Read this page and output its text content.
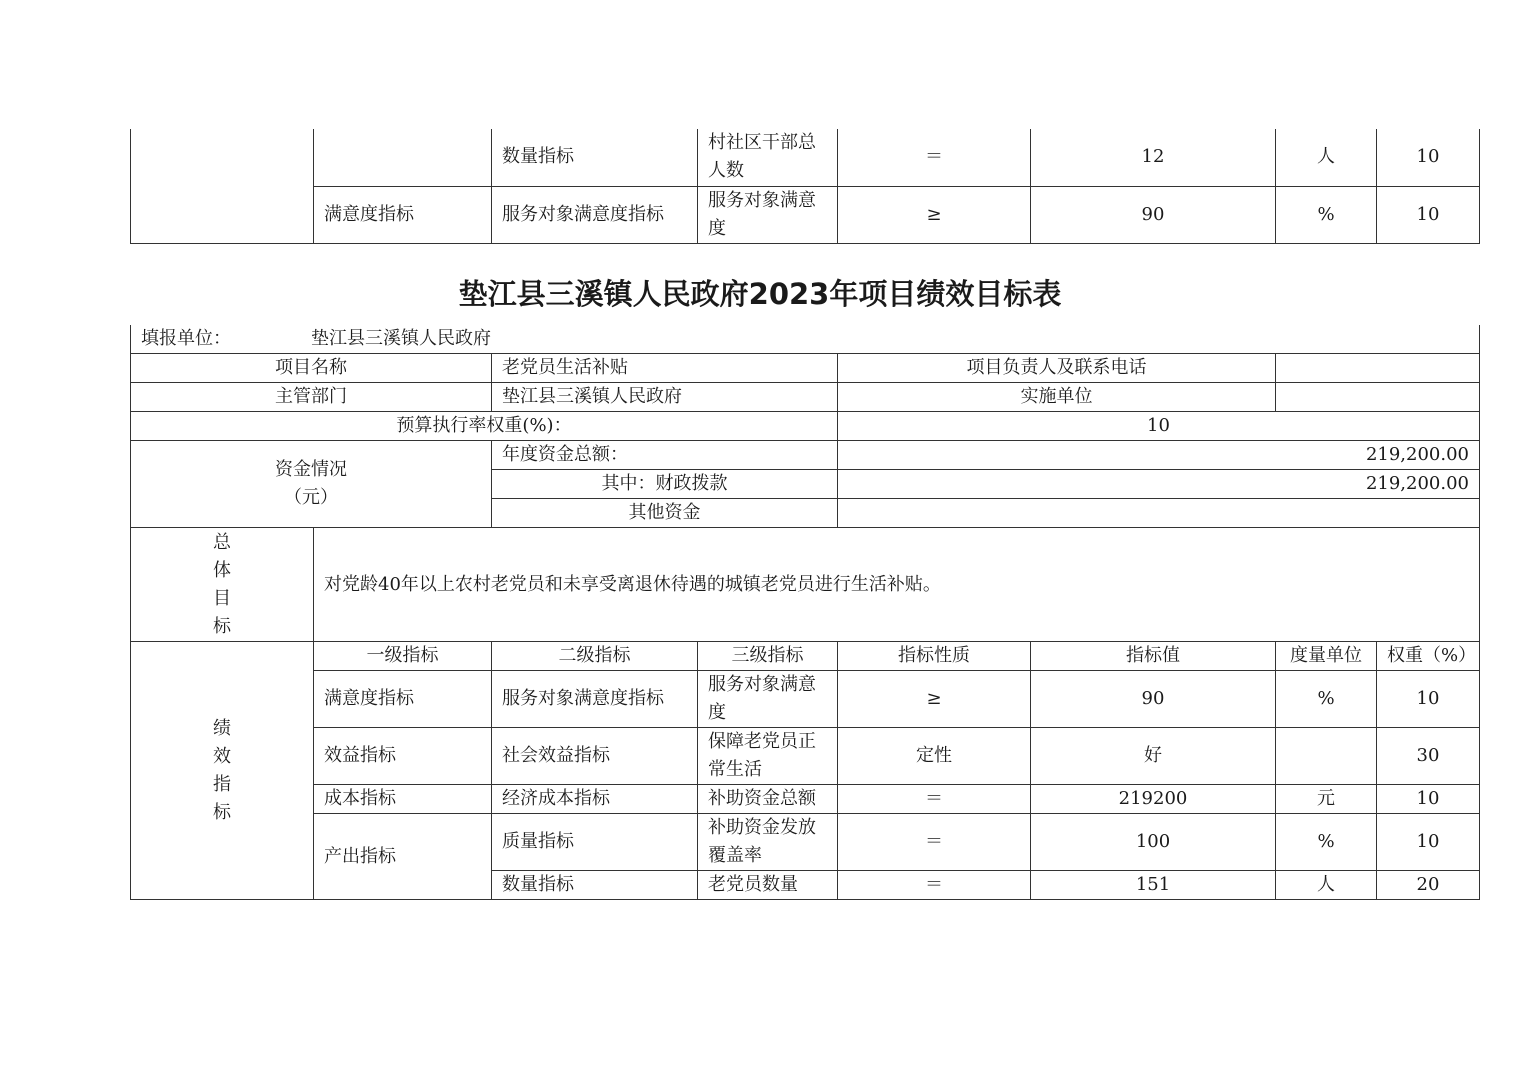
		数量指标	村社区干部总人数	＝	12	人	10
	满意度指标	服务对象满意度指标	服务对象满意度	≥	90	%	10
垫江县三溪镇人民政府2023年项目绩效目标表
填报单位： 垫江县三溪镇人民政府							
项目名称		老党员生活补贴		项目负责人及联系电话			
主管部门		垫江县三溪镇人民政府		实施单位			
预算执行率权重(%)：				10			

资金情况
（元）		年度资金总额：		219,200.00			
		其中：财政拨款		219,200.00			
		其他资金					

总
体
目
标	对党龄40年以上农村老党员和未享受离退休待遇的城镇老党员进行生活补贴。						

绩
效
指
标	一级指标	二级指标	三级指标	指标性质	指标值	度量单位	权重（%）
	满意度指标	服务对象满意度指标	服务对象满意度	≥	90	%	10
	效益指标	社会效益指标	保障老党员正常生活	定性	好		30
	成本指标	经济成本指标	补助资金总额	＝	219200	元	10
	产出指标	质量指标	补助资金发放覆盖率	＝	100	%	10
		数量指标	老党员数量	＝	151	人	20
